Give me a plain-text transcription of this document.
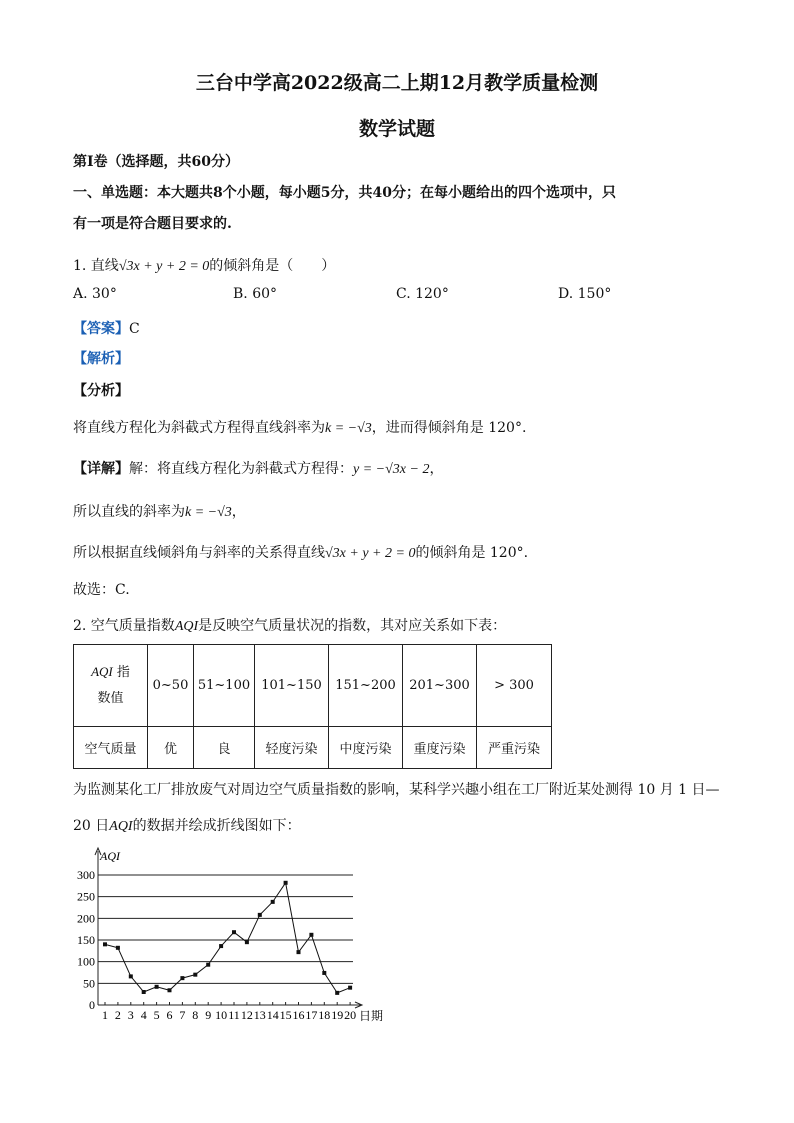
三台中学高2022级高二上期12月教学质量检测
数学试题
第Ⅰ卷（选择题，共60分）
一、单选题：本大题共8个小题，每小题5分，共40分；在每小题给出的四个选项中，只
有一项是符合题目要求的.
1. 直线√3x + y + 2 = 0的倾斜角是（　　）
A. 30°	B. 60°	C. 120°	D. 150°
【答案】C
【解析】
【分析】
将直线方程化为斜截式方程得直线斜率为k = −√3，进而得倾斜角是 120°.
【详解】解：将直线方程化为斜截式方程得：y = −√3x − 2，
所以直线的斜率为k = −√3，
所以根据直线倾斜角与斜率的关系得直线√3x + y + 2 = 0的倾斜角是 120°.
故选：C.
2. 空气质量指数AQI是反映空气质量状况的指数，其对应关系如下表：
AQI 指
数值	0~50	51~100	101~150	151~200	201~300	> 300
空气质量	优	良	轻度污染	中度污染	重度污染	严重污染
为监测某化工厂排放废气对周边空气质量指数的影响，某科学兴趣小组在工厂附近某处测得 10 月 1 日—
20 日AQI的数据并绘成折线图如下：
0
50
100
150
200
250
300
1 2 3 4 5 6 7 8 9 10 11 12 13 14 15 16 17 18 19 20
AQI
日期
